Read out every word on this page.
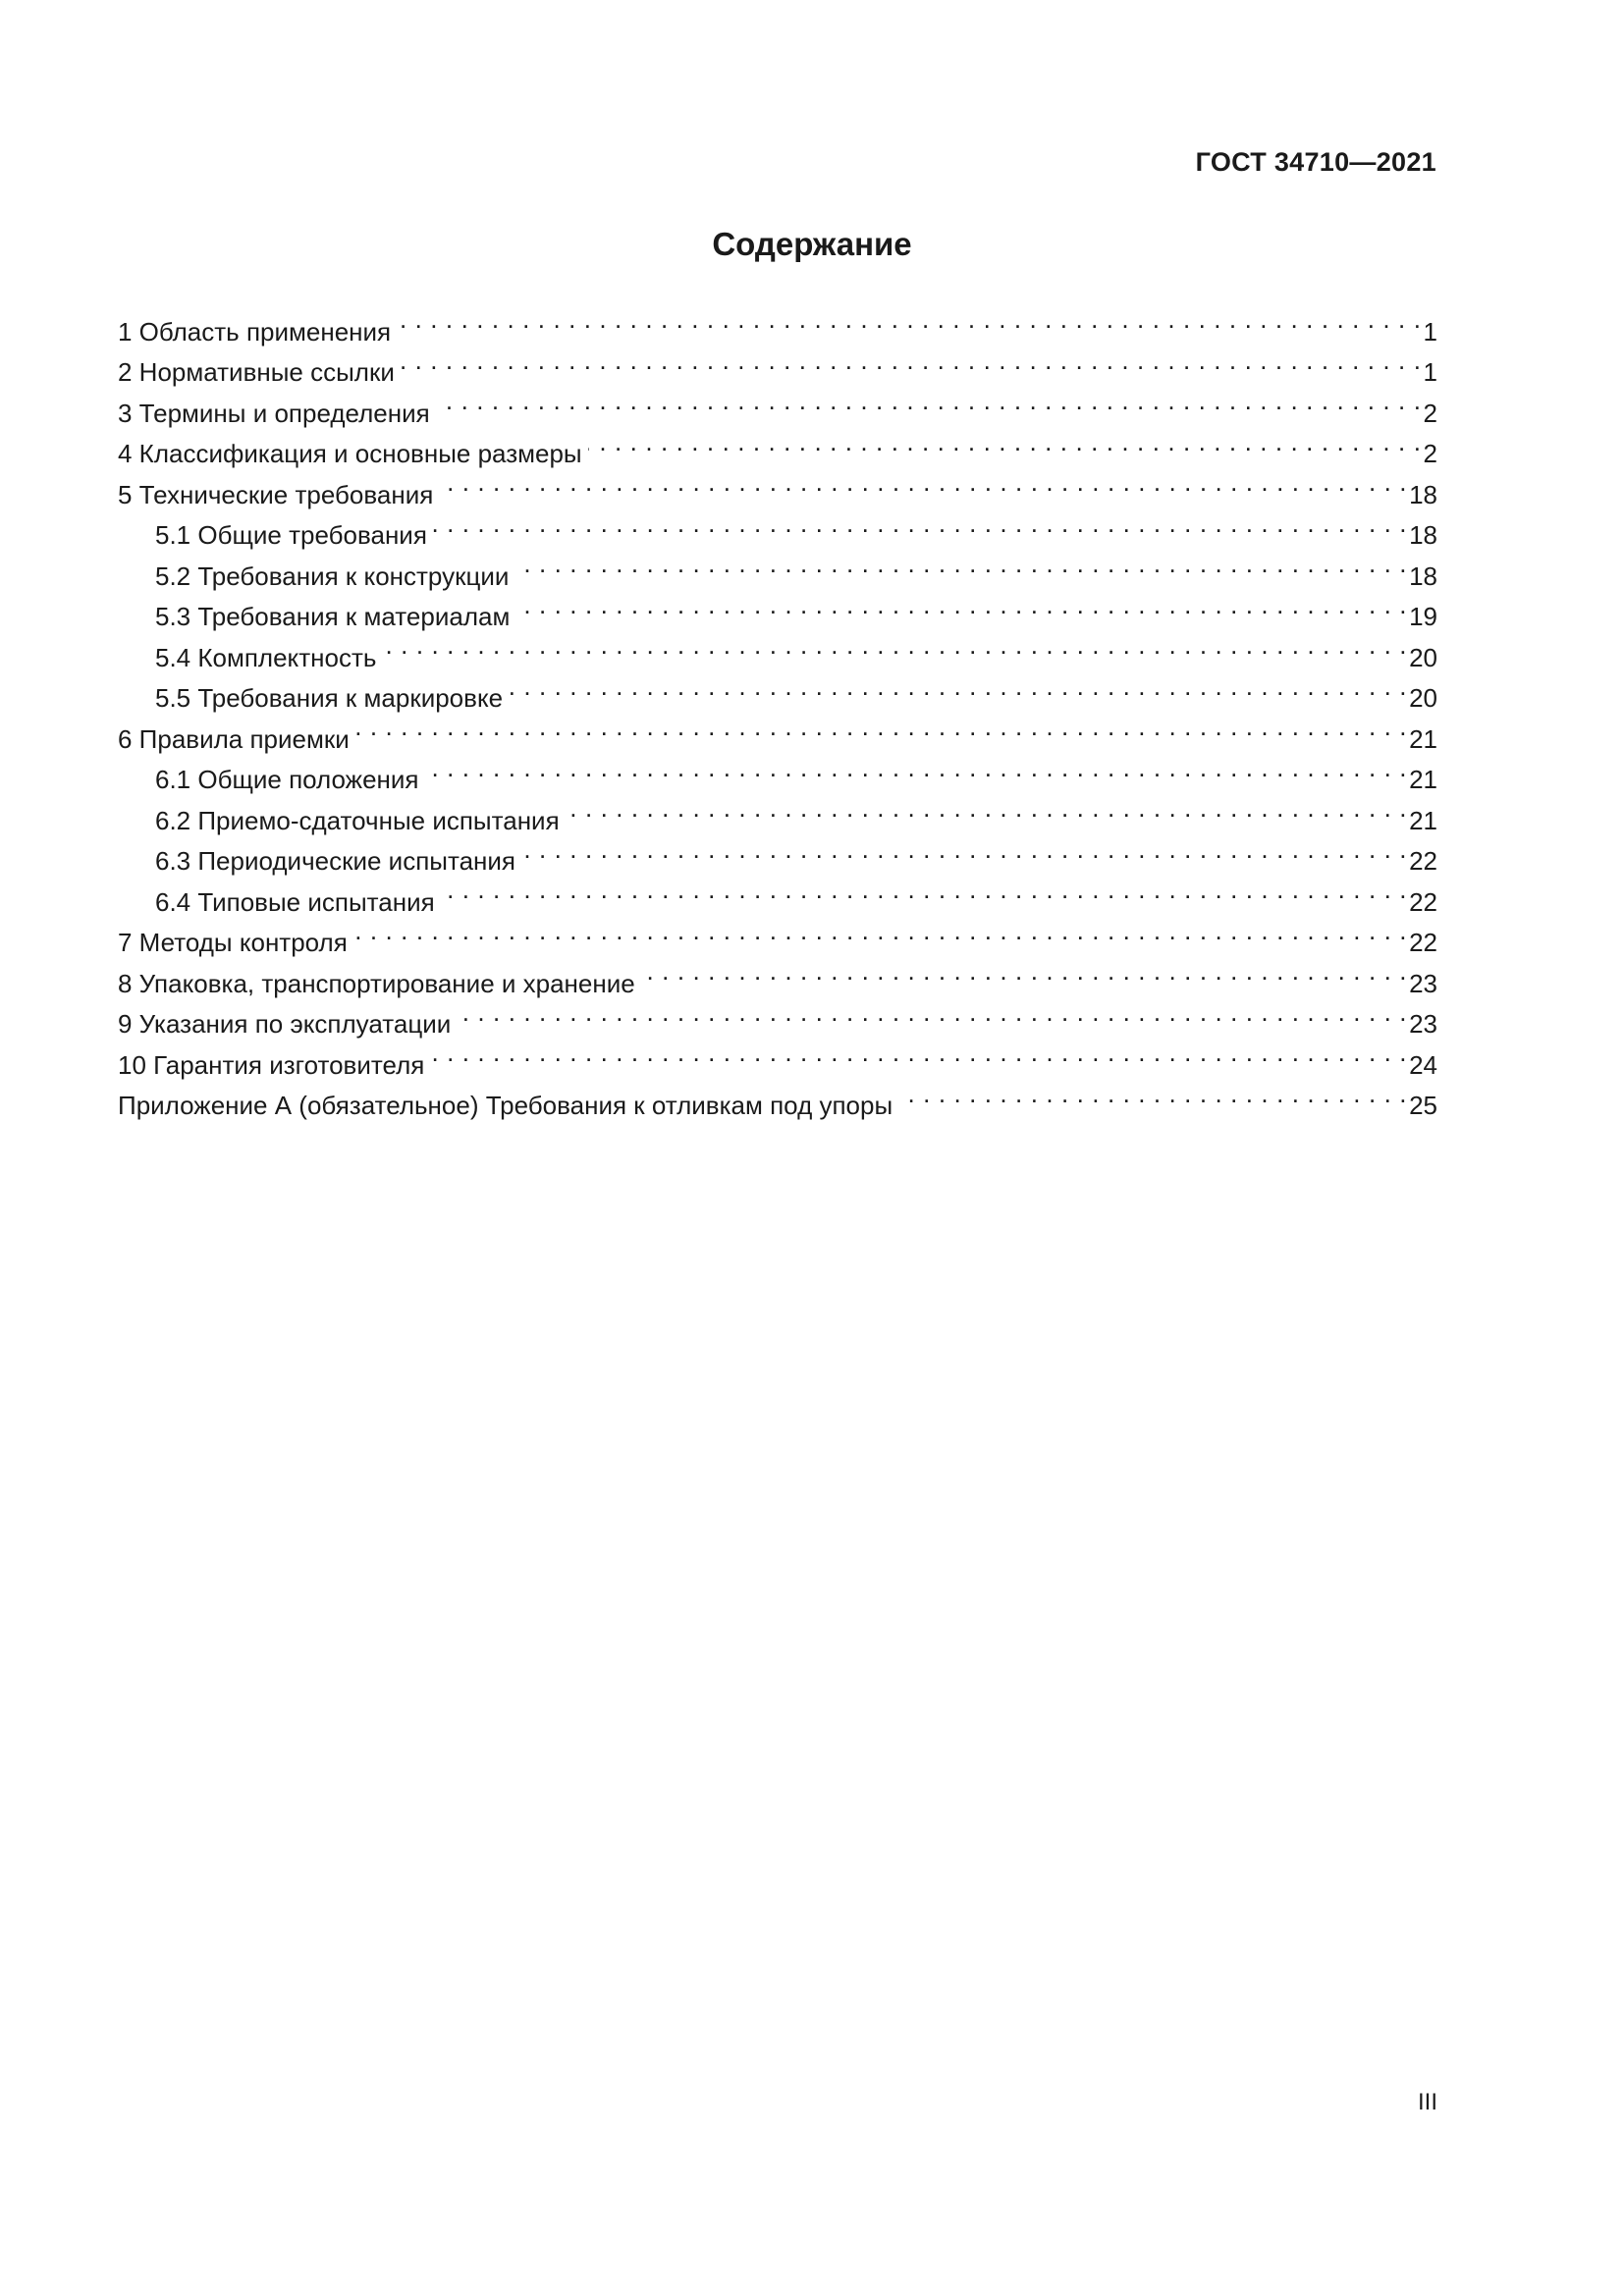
ГОСТ 34710—2021
Содержание
1 Область применения . . .	1
2 Нормативные ссылки . . .	1
3 Термины и определения . . .	2
4 Классификация и основные размеры . . .	2
5 Технические требования . . .	18
5.1 Общие требования . . .	18
5.2 Требования к конструкции . . .	18
5.3 Требования к материалам . . .	19
5.4 Комплектность . . .	20
5.5 Требования к маркировке . . .	20
6 Правила приемки . . .	21
6.1 Общие положения . . .	21
6.2 Приемо-сдаточные испытания . . .	21
6.3 Периодические испытания . . .	22
6.4 Типовые испытания . . .	22
7 Методы контроля . . .	22
8 Упаковка, транспортирование и хранение . . .	23
9 Указания по эксплуатации . . .	23
10 Гарантия изготовителя . . .	24
Приложение А (обязательное) Требования к отливкам под упоры . . .	25
III
